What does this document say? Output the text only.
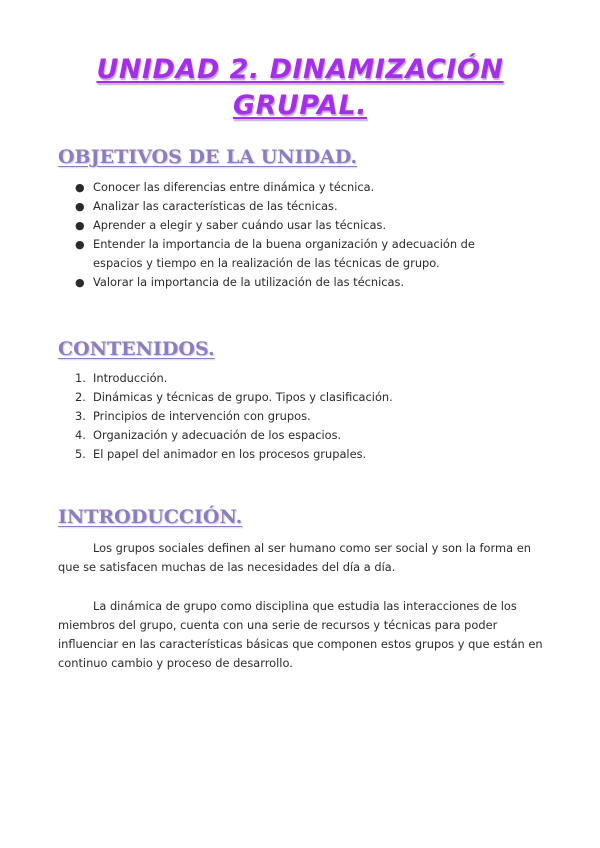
UNIDAD 2. DINAMIZACIÓN
GRUPAL.
OBJETIVOS DE LA UNIDAD.
● Conocer las diferencias entre dinámica y técnica.
● Analizar las características de las técnicas.
● Aprender a elegir y saber cuándo usar las técnicas.
● Entender la importancia de la buena organización y adecuación de espacios y tiempo en la realización de las técnicas de grupo.
● Valorar la importancia de la utilización de las técnicas.
CONTENIDOS.
1. Introducción.
2. Dinámicas y técnicas de grupo. Tipos y clasificación.
3. Principios de intervención con grupos.
4. Organización y adecuación de los espacios.
5. El papel del animador en los procesos grupales.
INTRODUCCIÓN.

Los grupos sociales definen al ser humano como ser social y son la forma en que se satisfacen muchas de las necesidades del día a día.

La dinámica de grupo como disciplina que estudia las interacciones de los miembros del grupo, cuenta con una serie de recursos y técnicas para poder influenciar en las características básicas que componen estos grupos y que están en continuo cambio y proceso de desarrollo.
